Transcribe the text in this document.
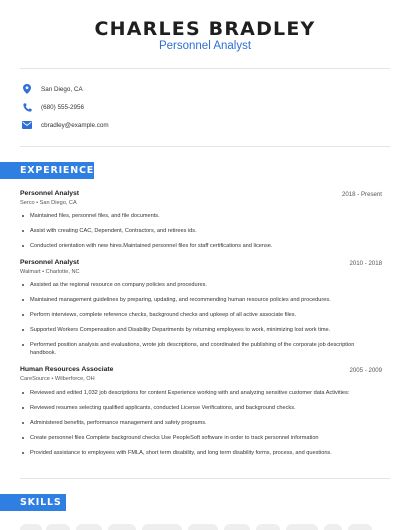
CHARLES BRADLEY
Personnel Analyst
San Diego, CA
(680) 555-2956
cbradley@example.com
EXPERIENCE
Personnel Analyst	2018 - Present
Serco • San Diego, CA
Maintained files, personnel files, and file documents.
Assist with creating CAC, Dependent, Contractors, and retirees ids.
Conducted orientation with new hires.Maintained personnel files for staff certifications and license.
Personnel Analyst	2010 - 2018
Walmart • Charlotte, NC
Assisted as the regional resource on company policies and procedures.
Maintained management guidelines by preparing, updating, and recommending human resource policies and procedures.
Perform interviews, complete reference checks, background checks and upkeep of all active associate files.
Supported Workers Compensation and Disability Departments by returning employees to work, minimizing lost work time.
Performed position analysis and evaluations, wrote job descriptions, and coordinated the publishing of the corporate job description handbook.
Human Resources Associate	2005 - 2009
CareSource • Wilberforce, OH
Reviewed and edited 1,032 job descriptions for content Experience working with and analyzing sensitive customer data Activities:
Reviewed resumes selecting qualified applicants, conducted License Verifications, and background checks.
Administered benefits, performance management and safety programs.
Create personnel files Complete background checks Use PeopleSoft software in order to track personnel information
Provided assistance to employees with FMLA, short term disability, and long term disability forms, process, and questions.
SKILLS
